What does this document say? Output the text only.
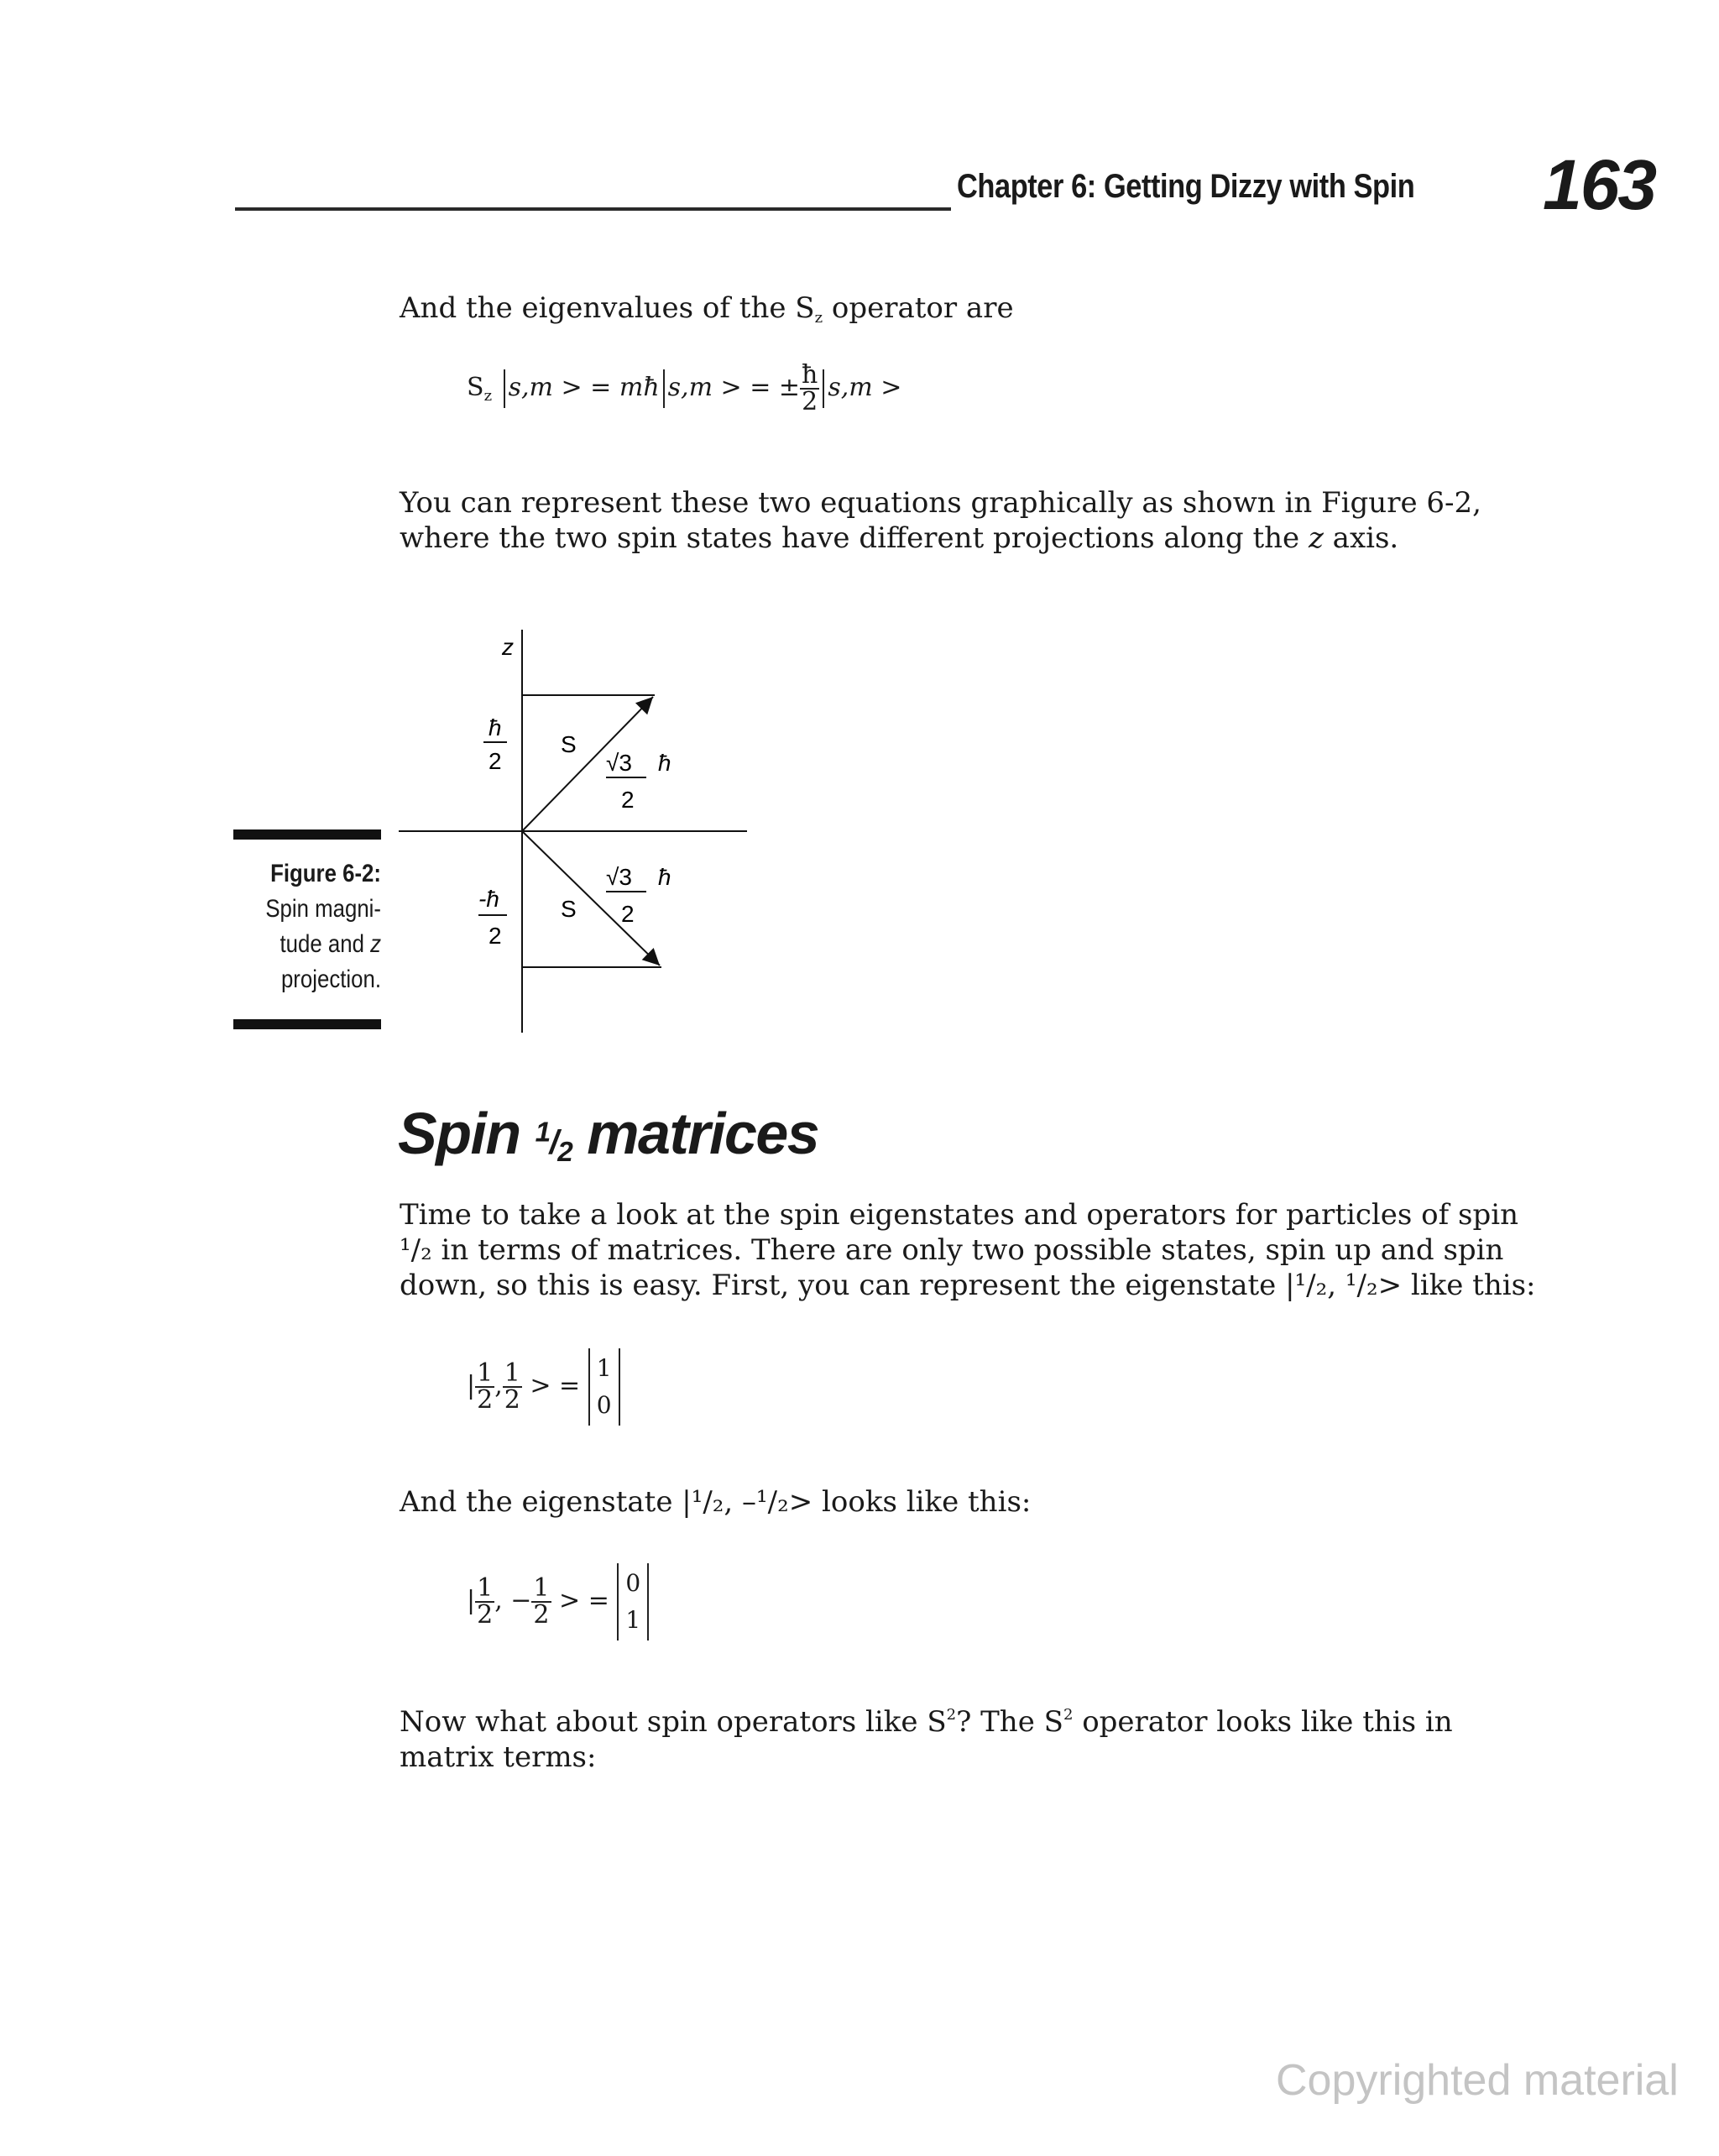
Chapter 6: Getting Dizzy with Spin 163
And the eigenvalues of the $S_z$ operator are
$S_z$ s,m > = mħ s,m > = ± $\frac{ħ}{2} s,m$ >
You can represent these two equations graphically as shown in Figure 6-2,
where the two spin states have different projections along the z axis.
z
ħ
2
-ħ
2
S
S
√3 ħ
2
√3 ħ
2
Figure 6-2:
Spin magni-
tude and z
projection.
Spin $^1/_2$ matrices
Time to take a look at the spin eigenstates and operators for particles of spin
¹/₂ in terms of matrices. There are only two possible states, spin up and spin
down, so this is easy. First, you can represent the eigenstate |¹/₂, ¹/₂> like this:
| $\frac{1}{2}$ , $\frac{1}{2}$ > =
1
0
And the eigenstate |¹/₂, –¹/₂> looks like this:
| $\frac{1}{2}$ , − $\frac{1}{2}$ > =
0
1
Now what about spin operators like $S^2$? The $S^2$ operator looks like this in
matrix terms:
Copyrighted material
